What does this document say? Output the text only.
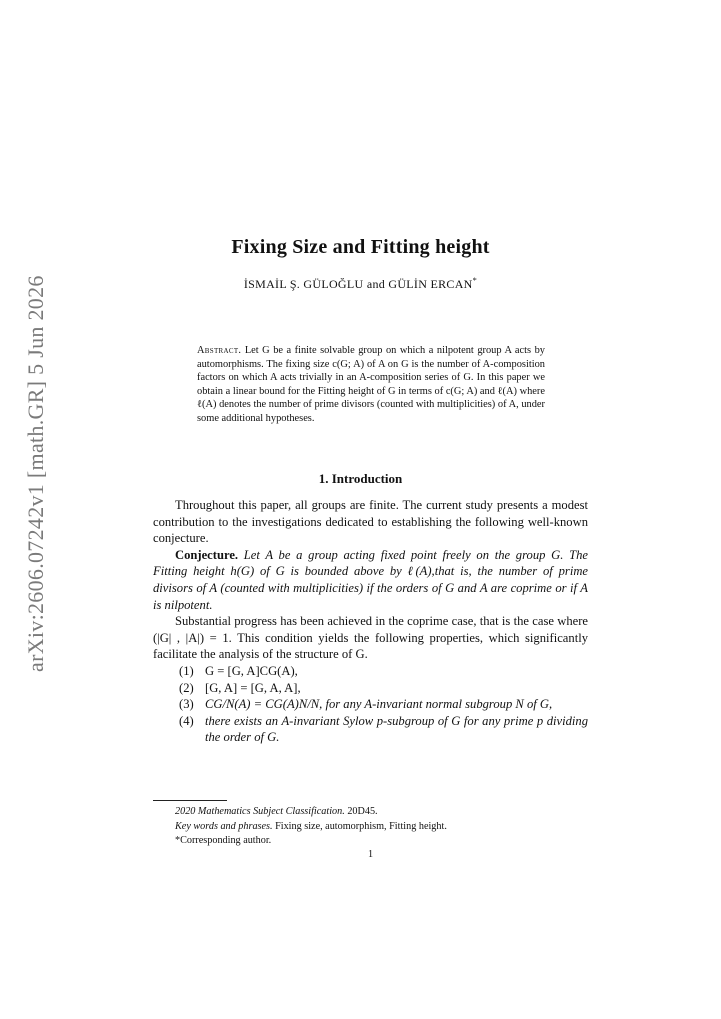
arXiv:2606.07242v1 [math.GR] 5 Jun 2026
Fixing Size and Fitting height
İSMAİL Ş. GÜLOĞLU and GÜLİN ERCAN*
Abstract. Let G be a finite solvable group on which a nilpotent group A acts by automorphisms. The fixing size c(G; A) of A on G is the number of A-composition factors on which A acts trivially in an A-composition series of G. In this paper we obtain a linear bound for the Fitting height of G in terms of c(G; A) and ℓ(A) where ℓ(A) denotes the number of prime divisors (counted with multiplicities) of A, under some additional hypotheses.
1. Introduction

Throughout this paper, all groups are finite. The current study presents a modest contribution to the investigations dedicated to establishing the following well-known conjecture.

Conjecture. Let A be a group acting fixed point freely on the group G. The Fitting height h(G) of G is bounded above by ℓ(A),that is, the number of prime divisors of A (counted with multiplicities) if the orders of G and A are coprime or if A is nilpotent.

Substantial progress has been achieved in the coprime case, that is the case where (|G| , |A|) = 1. This condition yields the following properties, which significantly facilitate the analysis of the structure of G.

(1) G = [G, A]CG(A),
(2) [G, A] = [G, A, A],
(3) CG/N(A) = CG(A)N/N, for any A-invariant normal subgroup N of G,
(4) there exists an A-invariant Sylow p-subgroup of G for any prime p dividing the order of G.
2020 Mathematics Subject Classification. 20D45.
Key words and phrases. Fixing size, automorphism, Fitting height.
*Corresponding author.
1
